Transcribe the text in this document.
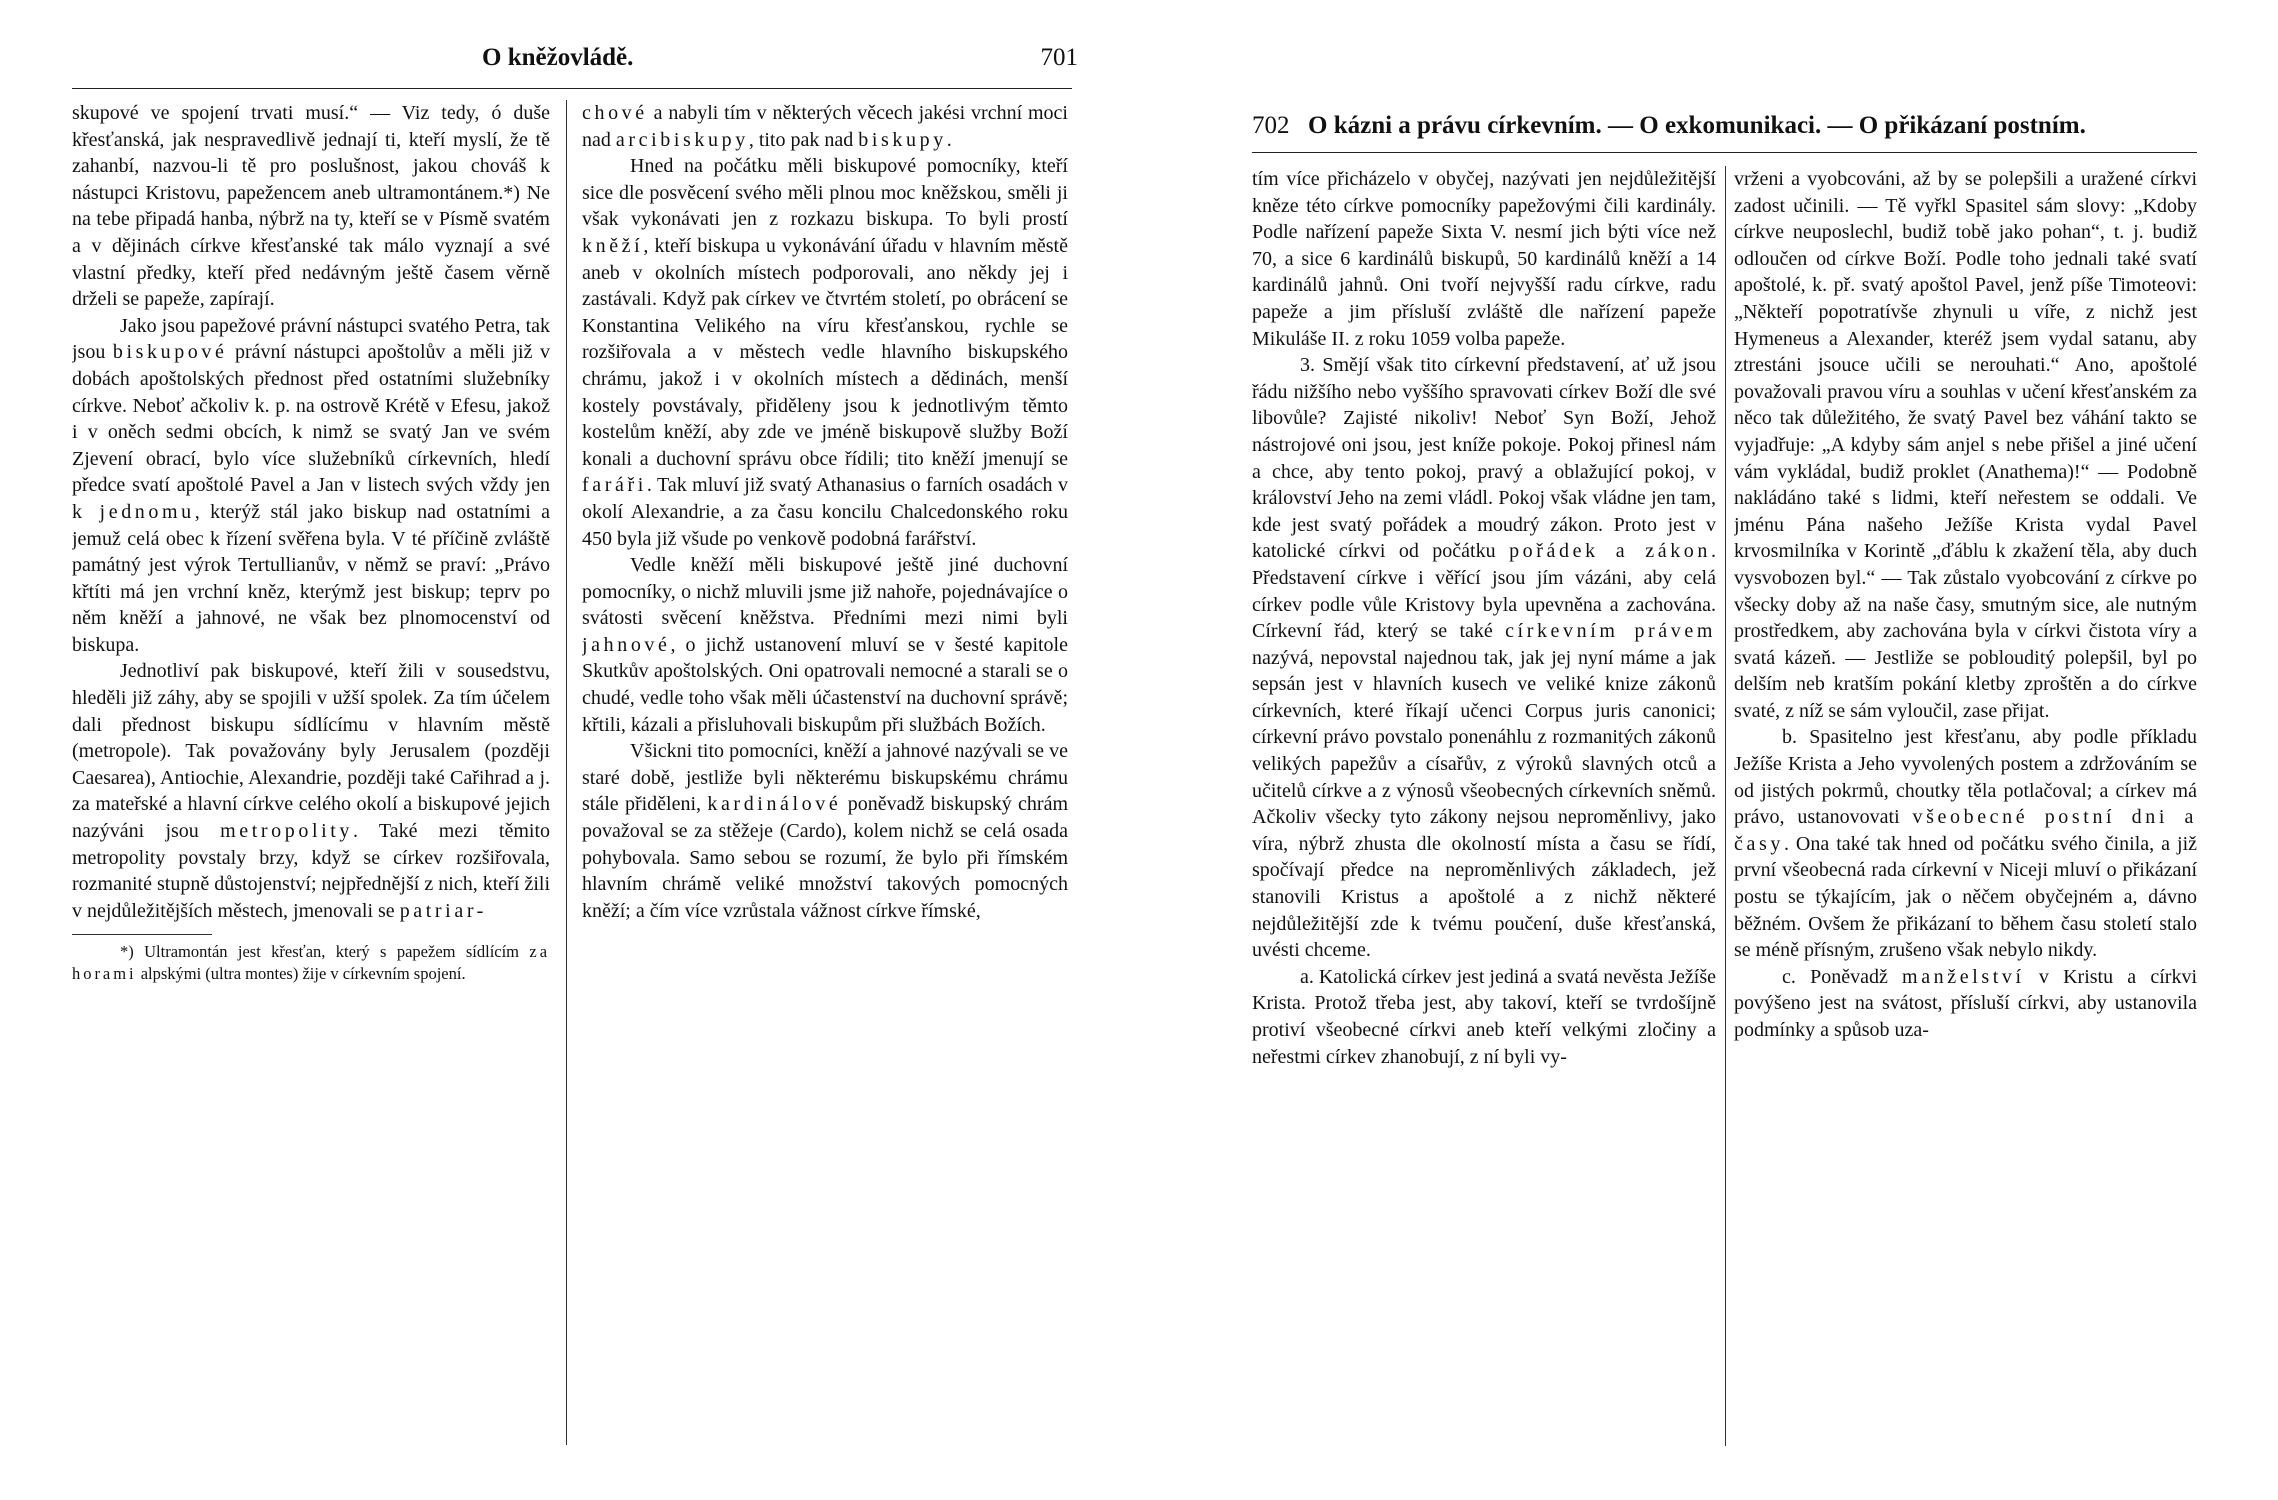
O kněžovládě.	701

skupové ve spojení trvati musí.“ — Viz tedy, ó duše křesťanská, jak nespravedlivě jednají ti, kteří myslí, že tě zahanbí, nazvou-li tě pro poslušnost, jakou chováš k nástupci Kristovu, papežencem aneb ultramontánem.*) Ne na tebe připadá hanba, nýbrž na ty, kteří se v Písmě svatém a v dějinách církve křesťanské tak málo vyznají a své vlastní předky, kteří před nedávným ještě časem věrně drželi se papeže, zapírají.

Jako jsou papežové právní nástupci svatého Petra, tak jsou biskupové právní nástupci apoštolův a měli již v dobách apoštolských přednost před ostatními služebníky církve. Neboť ačkoliv k. p. na ostrově Krétě v Efesu, jakož i v oněch sedmi obcích, k nimž se svatý Jan ve svém Zjevení obrací, bylo více služebníků církevních, hledí předce svatí apoštolé Pavel a Jan v listech svých vždy jen k jednomu, kterýž stál jako biskup nad ostatními a jemuž celá obec k řízení svěřena byla. V té příčině zvláště památný jest výrok Tertullianův, v němž se praví: „Právo křtíti má jen vrchní kněz, kterýmž jest biskup; teprv po něm kněží a jahnové, ne však bez plnomocenství od biskupa.

Jednotliví pak biskupové, kteří žili v sousedstvu, hleděli již záhy, aby se spojili v užší spolek. Za tím účelem dali přednost biskupu sídlícímu v hlavním městě (metropole). Tak považovány byly Jerusalem (později Caesarea), Antiochie, Alexandrie, později také Cařihrad a j. za mateřské a hlavní církve celého okolí a biskupové jejich nazýváni jsou metropolity. Také mezi těmito metropolity povstaly brzy, když se církev rozšiřovala, rozmanité stupně důstojenství; nejpřednější z nich, kteří žili v nejdůležitějších městech, jmenovali se patriar-

*) Ultramontán jest křesťan, který s papežem sídlícím za horami alpskými (ultra montes) žije v církevním spojení.

chové a nabyli tím v některých věcech jakési vrchní moci nad arcibiskupy, tito pak nad biskupy.

Hned na počátku měli biskupové pomocníky, kteří sice dle posvěcení svého měli plnou moc kněžskou, směli ji však vykonávati jen z rozkazu biskupa. To byli prostí kněží, kteří biskupa u vykonávání úřadu v hlavním městě aneb v okolních místech podporovali, ano někdy jej i zastávali. Když pak církev ve čtvrtém století, po obrácení se Konstantina Velikého na víru křesťanskou, rychle se rozšiřovala a v městech vedle hlavního biskupského chrámu, jakož i v okolních místech a dědinách, menší kostely povstávaly, přiděleny jsou k jednotlivým těmto kostelům kněží, aby zde ve jméně biskupově služby Boží konali a duchovní správu obce řídili; tito kněží jmenují se faráři. Tak mluví již svatý Athanasius o farních osadách v okolí Alexandrie, a za času koncilu Chalcedonského roku 450 byla již všude po venkově podobná farářství.

Vedle kněží měli biskupové ještě jiné duchovní pomocníky, o nichž mluvili jsme již nahoře, pojednávajíce o svátosti svěcení kněžstva. Předními mezi nimi byli jahnové, o jichž ustanovení mluví se v šesté kapitole Skutkův apoštolských. Oni opatrovali nemocné a starali se o chudé, vedle toho však měli účastenství na duchovní správě; křtili, kázali a přisluhovali biskupům při službách Božích.

Všickni tito pomocníci, kněží a jahnové nazývali se ve staré době, jestliže byli některému biskupskému chrámu stále přiděleni, kardinálové poněvadž biskupský chrám považoval se za stěžeje (Cardo), kolem nichž se celá osada pohybovala. Samo sebou se rozumí, že bylo při římském hlavním chrámě veliké množství takových pomocných kněží; a čím více vzrůstala vážnost církve římské,

702 O kázni a právu církevním. — O exkomunikaci. — O přikázaní postním.

tím více přicházelo v obyčej, nazývati jen nejdůležitější kněze této církve pomocníky papežovými čili kardinály. Podle nařízení papeže Sixta V. nesmí jich býti více než 70, a sice 6 kardinálů biskupů, 50 kardinálů kněží a 14 kardinálů jahnů. Oni tvoří nejvyšší radu církve, radu papeže a jim přísluší zvláště dle nařízení papeže Mikuláše II. z roku 1059 volba papeže.

3. Smějí však tito církevní představení, ať už jsou řádu nižšího nebo vyššího spravovati církev Boží dle své libovůle? Zajisté nikoliv! Neboť Syn Boží, Jehož nástrojové oni jsou, jest kníže pokoje. Pokoj přinesl nám a chce, aby tento pokoj, pravý a oblažující pokoj, v království Jeho na zemi vládl. Pokoj však vládne jen tam, kde jest svatý pořádek a moudrý zákon. Proto jest v katolické církvi od počátku pořádek a zákon. Představení církve i věřící jsou jím vázáni, aby celá církev podle vůle Kristovy byla upevněna a zachována. Církevní řád, který se také církevním právem nazývá, nepovstal najednou tak, jak jej nyní máme a jak sepsán jest v hlavních kusech ve veliké knize zákonů církevních, které říkají učenci Corpus juris canonici; církevní právo povstalo ponenáhlu z rozmanitých zákonů velikých papežův a císařův, z výroků slavných otců a učitelů církve a z výnosů všeobecných církevních sněmů. Ačkoliv všecky tyto zákony nejsou neproměnlivy, jako víra, nýbrž zhusta dle okolností místa a času se řídí, spočívají předce na neproměnlivých základech, jež stanovili Kristus a apoštolé a z nichž některé nejdůležitější zde k tvému poučení, duše křesťanská, uvésti chceme.

a. Katolická církev jest jediná a svatá nevěsta Ježíše Krista. Protož třeba jest, aby takoví, kteří se tvrdošíjně protiví všeobecné církvi aneb kteří velkými zločiny a neřestmi církev zhanobují, z ní byli vy-

vrženi a vyobcováni, až by se polepšili a uražené církvi zadost učinili. — Tě vyřkl Spasitel sám slovy: „Kdoby církve neuposlechl, budiž tobě jako pohan“, t. j. budiž odloučen od církve Boží. Podle toho jednali také svatí apoštolé, k. př. svatý apoštol Pavel, jenž píše Timoteovi: „Někteří popotratívše zhynuli u víře, z nichž jest Hymeneus a Alexander, kteréž jsem vydal satanu, aby ztrestáni jsouce učili se nerouhati.“ Ano, apoštolé považovali pravou víru a souhlas v učení křesťanském za něco tak důležitého, že svatý Pavel bez váhání takto se vyjadřuje: „A kdyby sám anjel s nebe přišel a jiné učení vám vykládal, budiž proklet (Anathema)!“ — Podobně nakládáno také s lidmi, kteří neřestem se oddali. Ve jménu Pána našeho Ježíše Krista vydal Pavel krvosmilníka v Korintě „ďáblu k zkažení těla, aby duch vysvobozen byl.“ — Tak zůstalo vyobcování z církve po všecky doby až na naše časy, smutným sice, ale nutným prostředkem, aby zachována byla v církvi čistota víry a svatá kázeň. — Jestliže se poblouditý polepšil, byl po delším neb kratším pokání kletby zproštěn a do církve svaté, z níž se sám vyloučil, zase přijat.

b. Spasitelno jest křesťanu, aby podle příkladu Ježíše Krista a Jeho vyvolených postem a zdržováním se od jistých pokrmů, choutky těla potlačoval; a církev má právo, ustanovovati všeobecné postní dni a časy. Ona také tak hned od počátku svého činila, a již první všeobecná rada církevní v Niceji mluví o přikázaní postu se týkajícím, jak o něčem obyčejném a, dávno běžném. Ovšem že přikázaní to během času století stalo se méně přísným, zrušeno však nebylo nikdy.

c. Poněvadž manželství v Kristu a církvi povýšeno jest na svátost, přísluší církvi, aby ustanovila podmínky a spůsob uza-
